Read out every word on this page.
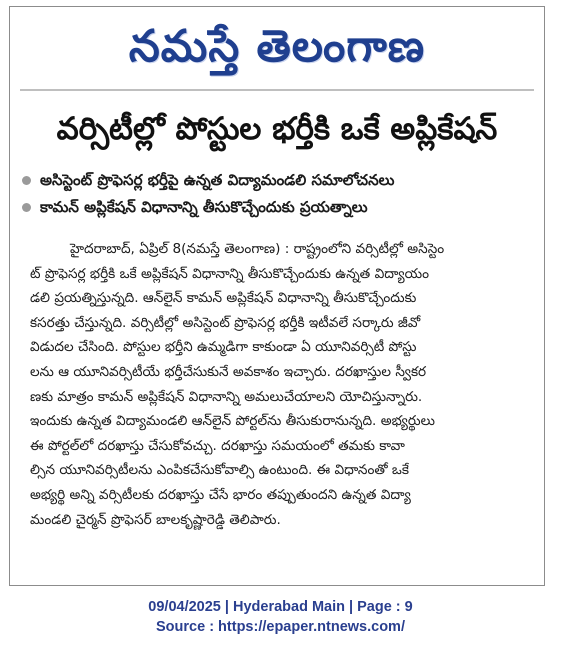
నమస్తే తెలంగాణ
వర్సిటీల్లో పోస్టుల భర్తీకి ఒకే అప్లికేషన్
అసిస్టెంట్ ప్రొఫెసర్ల భర్తీపై ఉన్నత విద్యామండలి సమాలోచనలు
కామన్ అప్లికేషన్ విధానాన్ని తీసుకొచ్చేందుకు ప్రయత్నాలు
హైదరాబాద్, ఏప్రిల్ 8(నమస్తే తెలంగాణ) : రాష్ట్రంలోని వర్సిటీల్లో అసిస్టెం
ట్ ప్రొఫెసర్ల భర్తీకి ఒకే అప్లికేషన్ విధానాన్ని తీసుకొచ్చేందుకు ఉన్నత విద్యాయం
డలి ప్రయత్నిస్తున్నది. ఆన్‌లైన్ కామన్ అప్లికేషన్ విధానాన్ని తీసుకొచ్చేందుకు
కసరత్తు చేస్తున్నది. వర్సిటీల్లో అసిస్టెంట్ ప్రొఫెసర్ల భర్తీకి ఇటీవలే సర్కారు జీవో
విడుదల చేసింది. పోస్టుల భర్తీని ఉమ్మడిగా కాకుండా ఏ యూనివర్సిటీ పోస్టు
లను ఆ యూనివర్సిటీయే భర్తీచేసుకునే అవకాశం ఇచ్చారు. దరఖాస్తుల స్వీకర
ణకు మాత్రం కామన్ అప్లికేషన్ విధానాన్ని అమలుచేయాలని యోచిస్తున్నారు.
ఇందుకు ఉన్నత విద్యామండలి ఆన్‌లైన్ పోర్టల్‌ను తీసుకురానున్నది. అభ్యర్థులు
ఈ పోర్టల్‌లో దరఖాస్తు చేసుకోవచ్చు. దరఖాస్తు సమయంలో తమకు కావా
ల్సిన యూనివర్సిటీలను ఎంపికచేసుకోవాల్సి ఉంటుంది. ఈ విధానంతో ఒకే
అభ్యర్థి అన్ని వర్సిటీలకు దరఖాస్తు చేసే భారం తప్పుతుందని ఉన్నత విద్యా
మండలి చైర్మన్ ప్రొఫెసర్ బాలకృష్ణారెడ్డి తెలిపారు.
09/04/2025 | Hyderabad Main | Page : 9
Source : https://epaper.ntnews.com/
